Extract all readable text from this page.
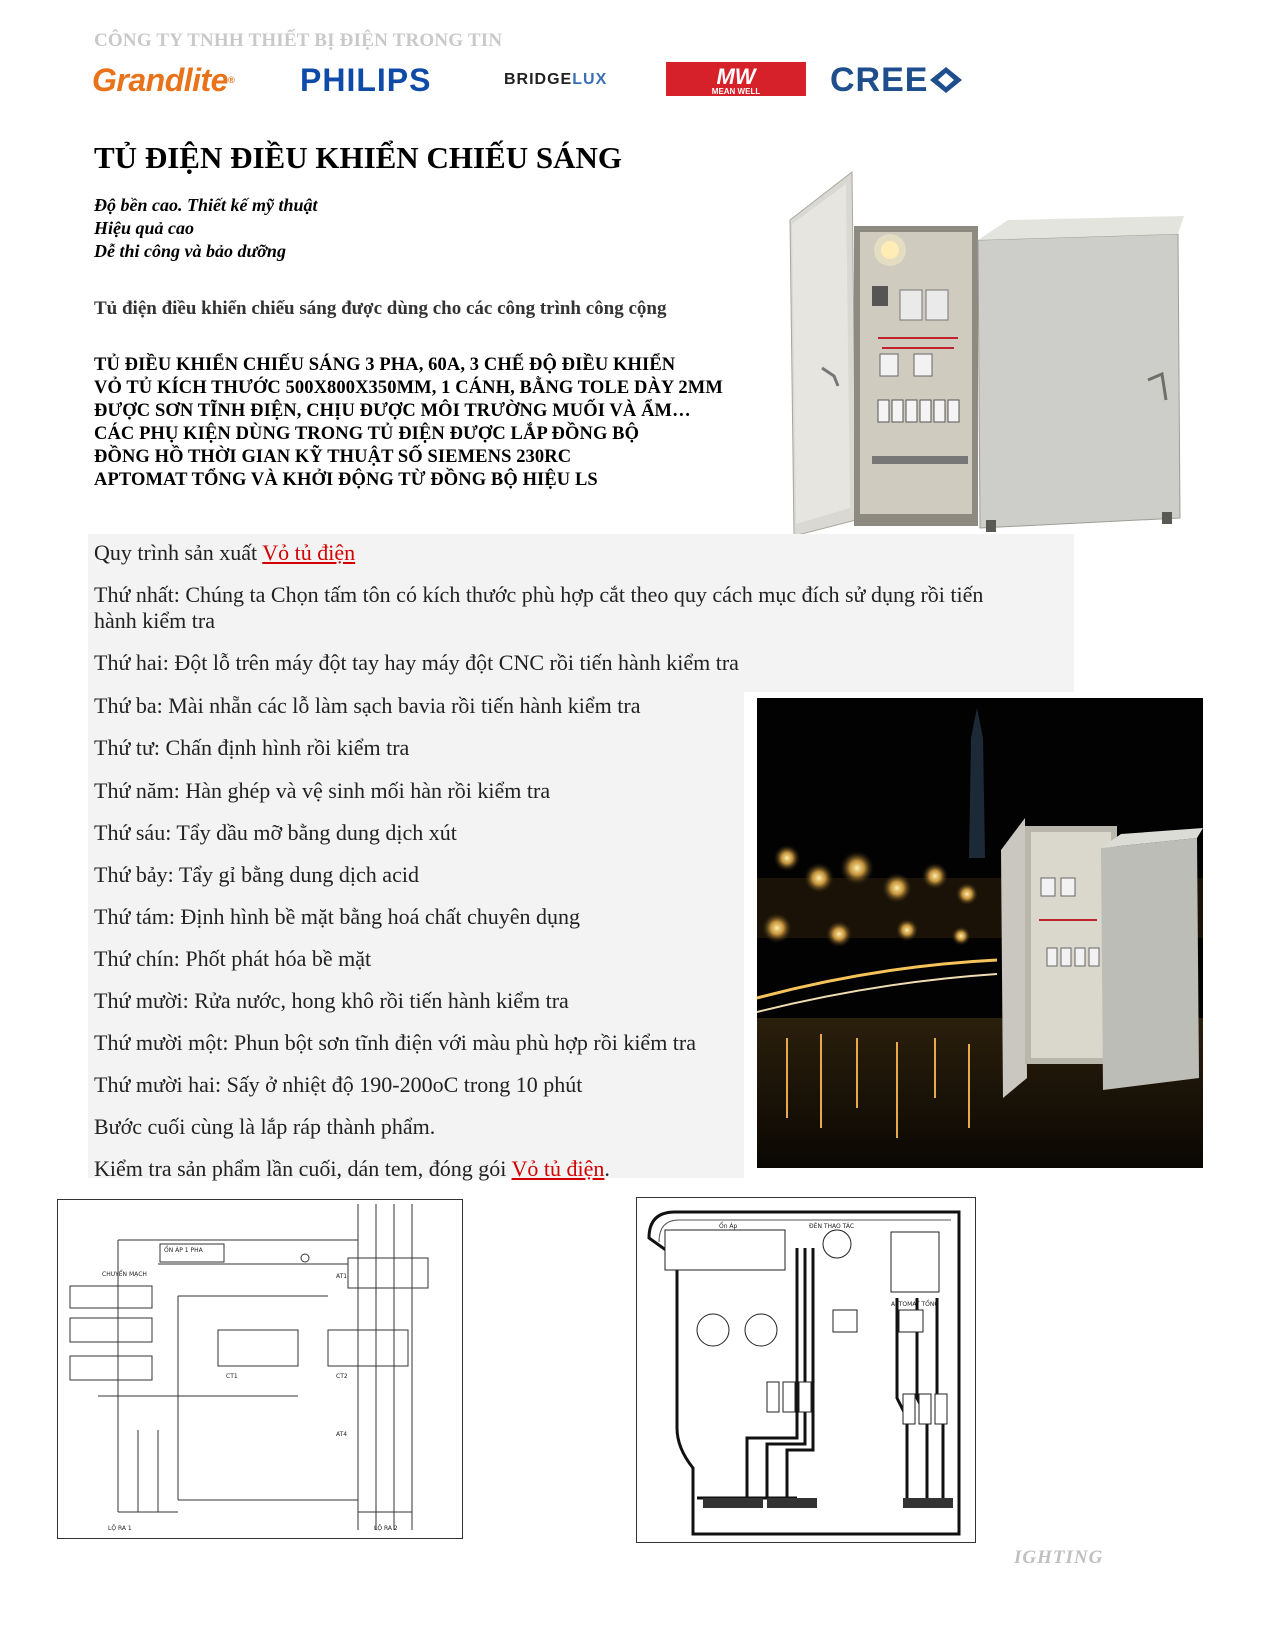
CÔNG TY TNHH THIẾT BỊ ĐIỆN TRONG TIN
Grandlite ® PHILIPS	BRIDGE LUX	MW
MEAN WELL CREE
TỦ ĐIỆN ĐIỀU KHIỂN CHIẾU SÁNG
Độ bền cao. Thiết kế mỹ thuật
Hiệu quả cao
Dễ thi công và bảo dưỡng
Tủ điện điều khiển chiếu sáng được dùng cho các công trình công cộng
TỦ ĐIỀU KHIỂN CHIẾU SÁNG 3 PHA, 60A, 3 CHẾ ĐỘ ĐIỀU KHIỂN
VỎ TỦ KÍCH THƯỚC 500X800X350MM, 1 CÁNH, BẰNG TOLE DÀY 2MM
ĐƯỢC SƠN TĨNH ĐIỆN, CHỊU ĐƯỢC MÔI TRƯỜNG MUỐI VÀ ẨM…
CÁC PHỤ KIỆN DÙNG TRONG TỦ ĐIỆN ĐƯỢC LẮP ĐỒNG BỘ
ĐỒNG HỒ THỜI GIAN KỸ THUẬT SỐ SIEMENS 230RC
APTOMAT TỔNG VÀ KHỞI ĐỘNG TỪ ĐỒNG BỘ HIỆU LS
Quy trình sản xuất Vỏ tủ điện
Thứ nhất: Chúng ta Chọn tấm tôn có kích thước phù hợp cắt theo quy cách mục đích sử dụng rồi tiến
hành kiểm tra
Thứ hai: Đột lỗ trên máy đột tay hay máy đột CNC rồi tiến hành kiểm tra
Thứ ba: Mài nhẵn các lỗ làm sạch bavia rồi tiến hành kiểm tra
Thứ tư: Chấn định hình rồi kiểm tra
Thứ năm: Hàn ghép và vệ sinh mối hàn rồi kiểm tra
Thứ sáu: Tẩy dầu mỡ bằng dung dịch xút
Thứ bảy: Tẩy gỉ bằng dung dịch acid
Thứ tám: Định hình bề mặt bằng hoá chất chuyên dụng
Thứ chín: Phốt phát hóa bề mặt
Thứ mười: Rửa nước, hong khô rồi tiến hành kiểm tra
Thứ mười một: Phun bột sơn tĩnh điện với màu phù hợp rồi kiểm tra
Thứ mười hai: Sấy ở nhiệt độ 190-200oC trong 10 phút
Bước cuối cùng là lắp ráp thành phẩm.
Kiểm tra sản phẩm lần cuối, dán tem, đóng gói Vỏ tủ điện.
ỔN ÁP 1 PHA
CHUYỂN MẠCH
LỘ RA 1	LỘ RA 2
AT1
CT1	CT2
AT4
Ổn Áp	ĐÈN THAO TÁC
APTOMAT TỔNG
IGHTING
